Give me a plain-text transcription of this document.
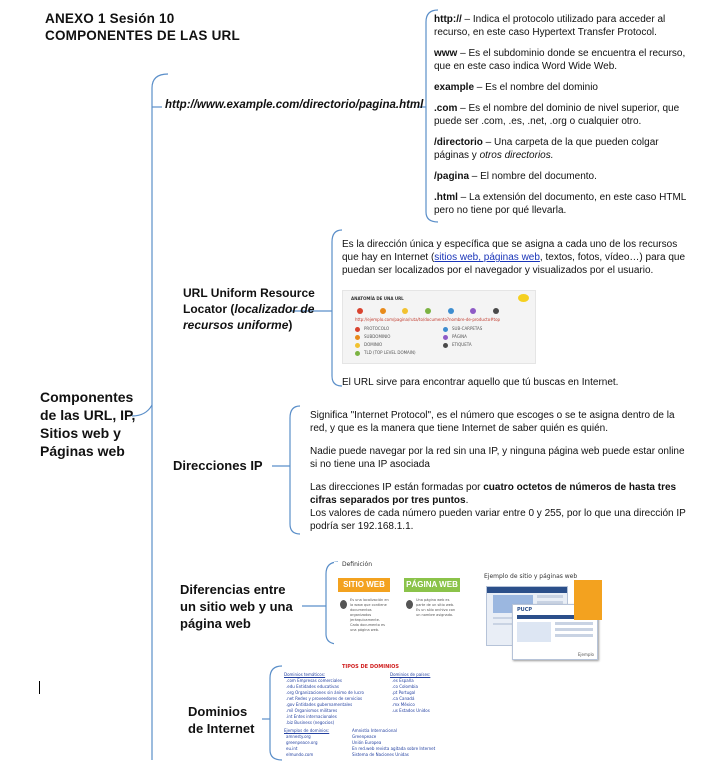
ANEXO 1 Sesión 10
COMPONENTES DE LAS URL
Componentes
de las URL, IP,
Sitios web y
Páginas web
http://www.example.com/directorio/pagina.html
http:// – Indica el protocolo utilizado para acceder al recurso, en este caso Hypertext Transfer Protocol.
www – Es el subdominio donde se encuentra el recurso, que en este caso indica Word Wide Web.
example – Es el nombre del dominio
.com – Es el nombre del dominio de nivel superior, que puede ser .com, .es, .net, .org o cualquier otro.
/directorio – Una carpeta de la que pueden colgar páginas y otros directorios.
/pagina – El nombre del documento.
.html – La extensión del documento, en este caso HTML pero no tiene por qué llevarla.
URL Uniform Resource
Locator (localizador de
recursos uniforme)
Es la dirección única y específica que se asigna a cada uno de los recursos que hay en Internet (sitios web, páginas web, textos, fotos, vídeo…) para que puedan ser localizados por el navegador y visualizados por el usuario.
ANATOMÍA DE UNA URL
http://ejemplo.com/pagina/ruta/to/documento?nombre-de-producto#top
PROTOCOLO
SUBDOMINIO
DOMINIO
TLD (TOP LEVEL DOMAIN)
SUB-CARPETAS
PÁGINA
ETIQUETA
El URL sirve para encontrar aquello que tú buscas en Internet.
Direcciones IP
Significa "Internet Protocol", es el número que escoges o se te asigna dentro de la red, y que es la manera que tiene Internet de saber quién es quién.
Nadie puede navegar por la red sin una IP, y ninguna página web puede estar online si no tiene una IP asociada
Las direcciones IP están formadas por cuatro octetos de números de hasta tres cifras separados por tres puntos.
Los valores de cada número pueden variar entre 0 y 255, por lo que una dirección IP podría ser 192.168.1.1.
Diferencias entre
un sitio web y una
página web
Definición
SITIO WEB	PÁGINA WEB
Es una localización en la www que contiene documentos organizados jerárquicamente. Cada documento es una página web.
Una página web es parte de un sitio web. Es un sólo archivo con un nombre asignado.
Ejemplo de sitio y páginas web
PUCP
Ejemplo
Dominios
de Internet
TIPOS DE DOMINIOS
Dominios temáticos:
.com Empresas comerciales
.edu Entidades educativas
.org Organizaciones sin ánimo de lucro
.net Redes y proveedores de servicios
.gov Entidades gubernamentales
.mil Organismos militares
.int Entes internacionales
.biz Business (negocios)
Dominios de países:
.es España
.co Colombia
.pt Portugal
.ca Canadá
.mx México
.us Estados Unidos
Ejemplos de dominios:
amnesty.org
greenpeace.org
eu.int
elmundo.com
Amnistía Internacional
Greenpeace
Unión Europea
En red.web revista agitada sobre Internet
Sistema de Naciones Unidas
